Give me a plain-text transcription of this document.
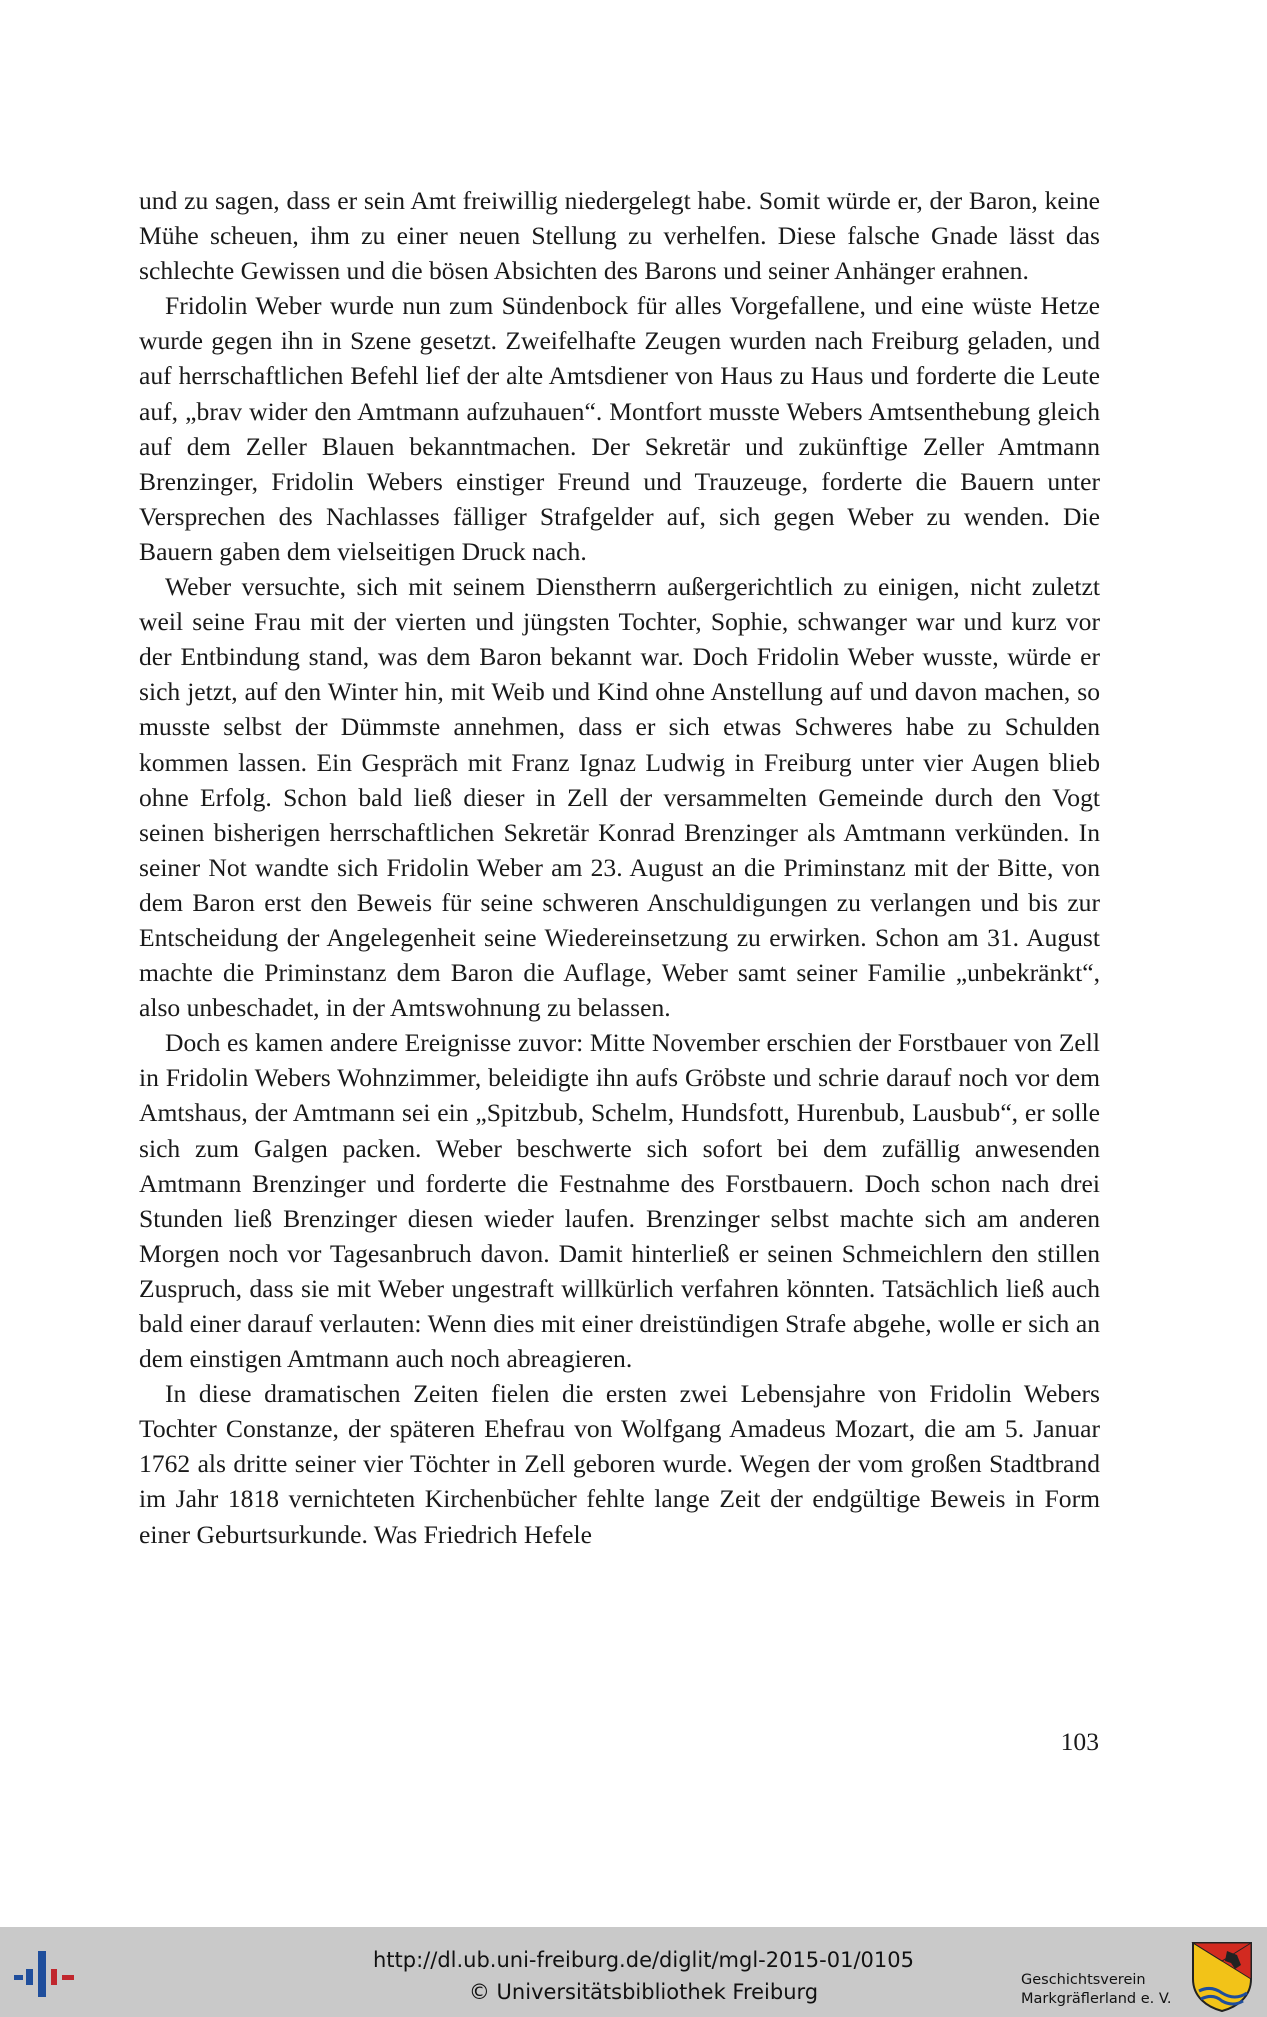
und zu sagen, dass er sein Amt freiwillig niedergelegt habe. Somit würde er, der Baron, keine Mühe scheuen, ihm zu einer neuen Stellung zu verhelfen. Diese falsche Gnade lässt das schlechte Gewissen und die bösen Absichten des Barons und seiner Anhänger erahnen.

Fridolin Weber wurde nun zum Sündenbock für alles Vorgefallene, und eine wüste Hetze wurde gegen ihn in Szene gesetzt. Zweifelhafte Zeugen wurden nach Freiburg geladen, und auf herrschaftlichen Befehl lief der alte Amtsdiener von Haus zu Haus und forderte die Leute auf, „brav wider den Amtmann aufzuhauen“. Montfort musste Webers Amtsenthebung gleich auf dem Zeller Blauen bekanntmachen. Der Sekretär und zukünftige Zeller Amtmann Brenzinger, Fridolin Webers einstiger Freund und Trauzeuge, forderte die Bauern unter Versprechen des Nachlasses fälliger Strafgelder auf, sich gegen Weber zu wenden. Die Bauern gaben dem vielseitigen Druck nach.

Weber versuchte, sich mit seinem Dienstherrn außergerichtlich zu einigen, nicht zuletzt weil seine Frau mit der vierten und jüngsten Tochter, Sophie, schwanger war und kurz vor der Entbindung stand, was dem Baron bekannt war. Doch Fridolin Weber wusste, würde er sich jetzt, auf den Winter hin, mit Weib und Kind ohne Anstellung auf und davon machen, so musste selbst der Dümmste annehmen, dass er sich etwas Schweres habe zu Schulden kommen lassen. Ein Gespräch mit Franz Ignaz Ludwig in Freiburg unter vier Augen blieb ohne Erfolg. Schon bald ließ dieser in Zell der versammelten Gemeinde durch den Vogt seinen bisherigen herrschaftlichen Sekretär Konrad Brenzinger als Amtmann verkünden. In seiner Not wandte sich Fridolin Weber am 23. August an die Priminstanz mit der Bitte, von dem Baron erst den Beweis für seine schweren Anschuldigungen zu verlangen und bis zur Entscheidung der Angelegenheit seine Wiedereinsetzung zu erwirken. Schon am 31. August machte die Priminstanz dem Baron die Auflage, Weber samt seiner Familie „unbekränkt“, also unbeschadet, in der Amtswohnung zu belassen.

Doch es kamen andere Ereignisse zuvor: Mitte November erschien der Forstbauer von Zell in Fridolin Webers Wohnzimmer, beleidigte ihn aufs Gröbste und schrie darauf noch vor dem Amtshaus, der Amtmann sei ein „Spitzbub, Schelm, Hundsfott, Hurenbub, Lausbub“, er solle sich zum Galgen packen. Weber beschwerte sich sofort bei dem zufällig anwesenden Amtmann Brenzinger und forderte die Festnahme des Forstbauern. Doch schon nach drei Stunden ließ Brenzinger diesen wieder laufen. Brenzinger selbst machte sich am anderen Morgen noch vor Tagesanbruch davon. Damit hinterließ er seinen Schmeichlern den stillen Zuspruch, dass sie mit Weber ungestraft willkürlich verfahren könnten. Tatsächlich ließ auch bald einer darauf verlauten: Wenn dies mit einer dreistündigen Strafe abgehe, wolle er sich an dem einstigen Amtmann auch noch abreagieren.

In diese dramatischen Zeiten fielen die ersten zwei Lebensjahre von Fridolin Webers Tochter Constanze, der späteren Ehefrau von Wolfgang Amadeus Mozart, die am 5. Januar 1762 als dritte seiner vier Töchter in Zell geboren wurde. Wegen der vom großen Stadtbrand im Jahr 1818 vernichteten Kirchenbücher fehlte lange Zeit der endgültige Beweis in Form einer Geburtsurkunde. Was Friedrich Hefele

103
http://dl.ub.uni-freiburg.de/diglit/mgl-2015-01/0105
© Universitätsbibliothek Freiburg	Geschichtsverein
Markgräflerland e. V.
